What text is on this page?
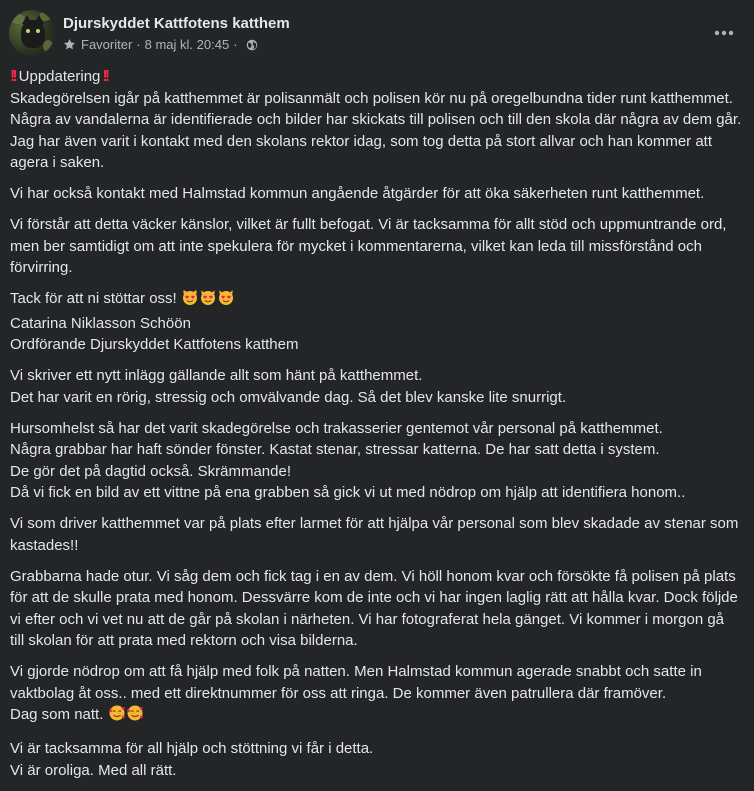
Djurskyddet Kattfotens katthem
Favoriter · 8 maj kl. 20:45 ·

!! Uppdatering !!

Skadegörelsen igår på katthemmet är polisanmält och polisen kör nu på oregelbundna tider runt katthemmet. Några av vandalerna är identifierade och bilder har skickats till polisen och till den skola där några av dem går. Jag har även varit i kontakt med den skolans rektor idag, som tog detta på stort allvar och han kommer att agera i saken.

Vi har också kontakt med Halmstad kommun angående åtgärder för att öka säkerheten runt katthemmet.

Vi förstår att detta väcker känslor, vilket är fullt befogat. Vi är tacksamma för allt stöd och uppmuntrande ord, men ber samtidigt om att inte spekulera för mycket i kommentarerna, vilket kan leda till missförstånd och förvirring.

Tack för att ni stöttar oss!
Catarina Niklasson Schöön
Ordförande Djurskyddet Kattfotens katthem

Vi skriver ett nytt inlägg gällande allt som hänt på katthemmet.
Det har varit en rörig, stressig och omvälvande dag. Så det blev kanske lite snurrigt.

Hursomhelst så har det varit skadegörelse och trakasserier gentemot vår personal på katthemmet.
Några grabbar har haft sönder fönster. Kastat stenar, stressar katterna. De har satt detta i system.
De gör det på dagtid också. Skrämmande!
Då vi fick en bild av ett vittne på ena grabben så gick vi ut med nödrop om hjälp att identifiera honom..

Vi som driver katthemmet var på plats efter larmet för att hjälpa vår personal som blev skadade av stenar som kastades!!

Grabbarna hade otur. Vi såg dem och fick tag i en av dem. Vi höll honom kvar och försökte få polisen på plats för att de skulle prata med honom. Dessvärre kom de inte och vi har ingen laglig rätt att hålla kvar. Dock följde vi efter och vi vet nu att de går på skolan i närheten. Vi har fotograferat hela gänget. Vi kommer i morgon gå till skolan för att prata med rektorn och visa bilderna.

Vi gjorde nödrop om att få hjälp med folk på natten. Men Halmstad kommun agerade snabbt och satte in vaktbolag åt oss.. med ett direktnummer för oss att ringa. De kommer även patrullera där framöver.
Dag som natt.

Vi är tacksamma för all hjälp och stöttning vi får i detta.
Vi är oroliga. Med all rätt.
